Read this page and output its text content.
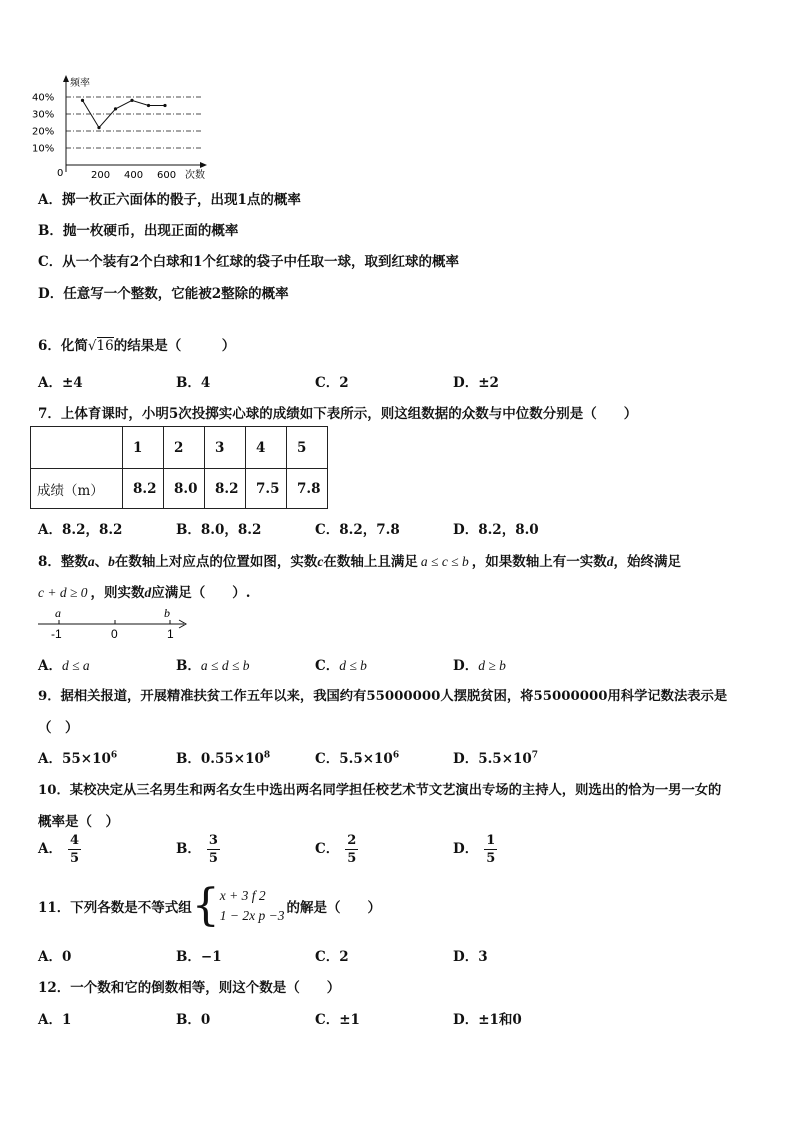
10%
20%
30%
40%
200 400 600
频率
次数
0
A．掷一枚正六面体的骰子，出现1点的概率
B．抛一枚硬币，出现正面的概率
C．从一个装有2个白球和1个红球的袋子中任取一球，取到红球的概率
D．任意写一个整数，它能被2整除的概率
6．化简√16的结果是（　　　）
A．±4	B．4	C．2	D．±2
7．上体育课时，小明5次投掷实心球的成绩如下表所示，则这组数据的众数与中位数分别是（　　）
	1	2	3	4	5
成绩（m）	8.2	8.0	8.2	7.5	7.8
A．8.2，8.2	B．8.0，8.2	C．8.2，7.8	D．8.2，8.0
8．整数a、b在数轴上对应点的位置如图，实数c在数轴上且满足 a ≤ c ≤ b ，如果数轴上有一实数d，始终满足
c + d ≥ 0 ，则实数d应满足（　　）.
a	b
-1	0	1
A．d ≤ a	B．a ≤ d ≤ b	C．d ≤ b	D．d ≥ b
9．据相关报道，开展精准扶贫工作五年以来，我国约有55000000人摆脱贫困，将55000000用科学记数法表示是
（　）
A．$55\times 10^6$	B．$0.55\times 10^8$	C．$5.5\times 10^6$	D．$5.5\times 10^7$
10．某校决定从三名男生和两名女生中选出两名同学担任校艺术节文艺演出专场的主持人，则选出的恰为一男一女的
概率是（　）
A． $\frac{4}{5}$	B． $\frac{3}{5}$	C． $\frac{2}{5}$	D． $\frac{1}{5}$
11．下列各数是不等式组 { x + 3 f 2
1 − 2x p −3 的解是（　　）
A．0	B．−1	C．2	D．3
12．一个数和它的倒数相等，则这个数是（　　）
A．1	B．0	C．±1	D．±1和0
